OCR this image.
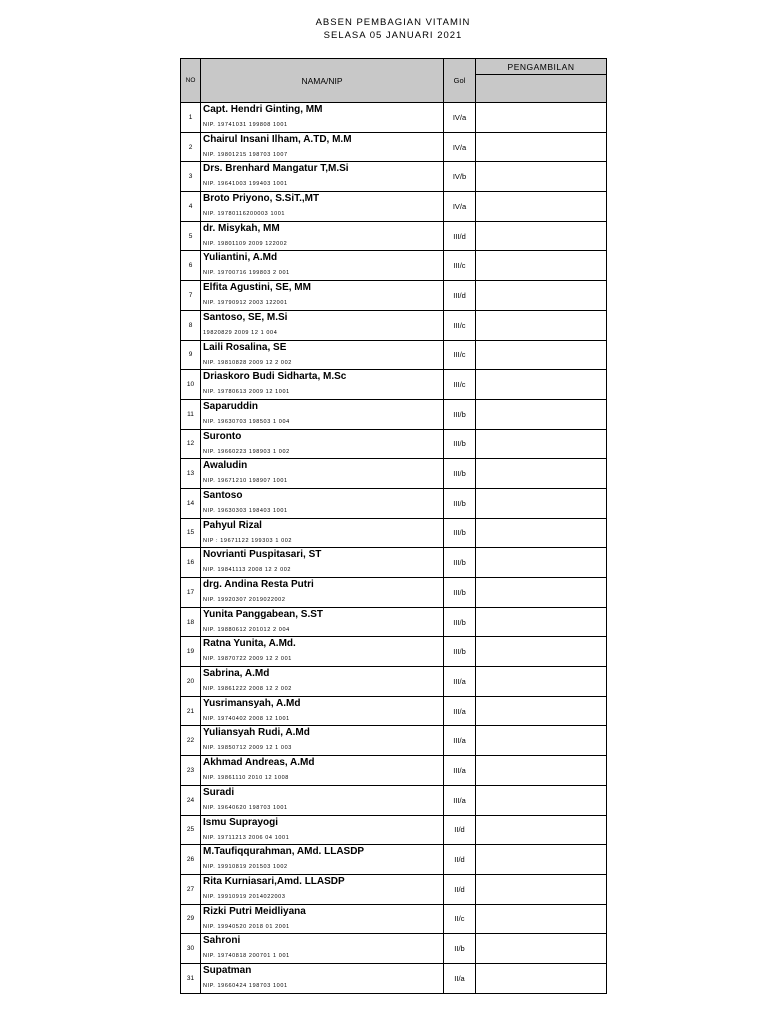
ABSEN PEMBAGIAN VITAMIN
SELASA 05 JANUARI 2021
NO	NAMA/NIP	Gol	PENGAMBILAN

1	Capt. Hendri Ginting, MM
NIP. 19741031 199808 1001	IV/a	
2	Chairul Insani Ilham, A.TD, M.M
NIP. 19801215 198703 1007	IV/a	
3	Drs. Brenhard Mangatur T,M.Si
NIP. 19641003 199403 1001	IV/b	
4	Broto Priyono, S.SiT.,MT
NIP. 19780116200003 1001	IV/a	
5	dr. Misykah, MM
NIP. 19801109 2009 122002	III/d	
6	Yuliantini, A.Md
NIP. 19700716 199803 2 001	III/c	
7	Elfita Agustini, SE, MM
NIP. 19790912 2003 122001	III/d	
8	Santoso, SE, M.Si
19820829 2009 12 1 004	III/c	
9	Laili Rosalina, SE
NIP. 19810828 2009 12 2 002	III/c	
10	Driaskoro Budi Sidharta, M.Sc
NIP. 19780613 2009 12 1001	III/c	
11	Saparuddin
NIP. 19630703 198503 1 004	III/b	
12	Suronto
NIP. 19660223 198903 1 002	III/b	
13	Awaludin
NIP. 19671210 198907 1001	III/b	
14	Santoso
NIP. 19630303 198403 1001	III/b	
15	Pahyul Rizal
NIP : 19671122 199303 1 002	III/b	
16	Novrianti Puspitasari, ST
NIP. 19841113 2008 12 2 002	III/b	
17	drg. Andina Resta Putri
NIP. 19920307 2019022002	III/b	
18	Yunita Panggabean, S.ST
NIP. 19880612 201012 2 004	III/b	
19	Ratna Yunita, A.Md.
NIP. 19870722 2009 12 2 001	III/b	
20	Sabrina, A.Md
NIP. 19861222 2008 12 2 002	III/a	
21	Yusrimansyah, A.Md
NIP. 19740402 2008 12 1001	III/a	
22	Yuliansyah Rudi, A.Md
NIP. 19850712 2009 12 1 003	III/a	
23	Akhmad Andreas, A.Md
NIP. 19861110 2010 12 1008	III/a	
24	Suradi
NIP. 19640620 198703 1001	III/a	
25	Ismu Suprayogi
NIP. 19711213 2006 04 1001	II/d	
26	M.Taufiqqurahman, AMd. LLASDP
NIP. 19910819 201503 1002	II/d	
27	Rita Kurniasari,Amd. LLASDP
NIP. 19910919 2014022003	II/d	
29	Rizki Putri Meidliyana
NIP. 19940520 2018 01 2001	II/c	
30	Sahroni
NIP. 19740818 200701 1 001	II/b	
31	Supatman
NIP. 19660424 198703 1001	II/a	
